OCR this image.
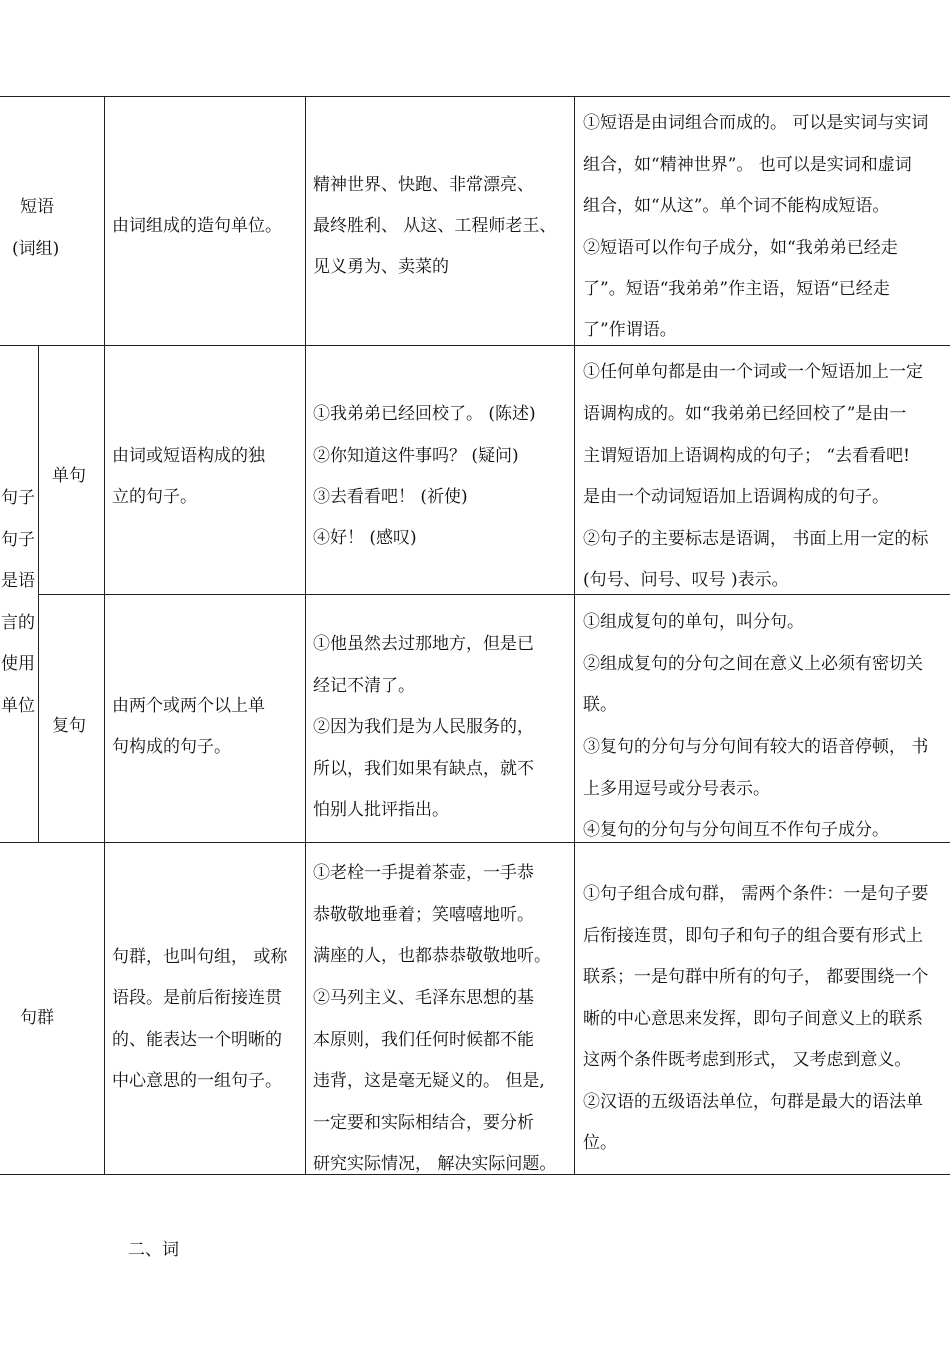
短语
(词组)
由词组成的造句单位。
精神世界、快跑、非常漂亮、
最终胜利、 从这、工程师老王、
见义勇为、卖菜的
①短语是由词组合而成的。 可以是实词与实词
组合，如“精神世界”。 也可以是实词和虚词
组合，如“从这”。单个词不能构成短语。
②短语可以作句子成分，如“我弟弟已经走
了”。短语“我弟弟”作主语，短语“已经走
了”作谓语。
句子
句子
是语
言的
使用
单位
单句
由词或短语构成的独
立的句子。
①我弟弟已经回校了。 (陈述)
②你知道这件事吗？ (疑问)
③去看看吧！ (祈使)
④好！ (感叹)
①任何单句都是由一个词或一个短语加上一定
语调构成的。如“我弟弟已经回校了”是由一
主谓短语加上语调构成的句子； “去看看吧!
是由一个动词短语加上语调构成的句子。
②句子的主要标志是语调， 书面上用一定的标
(句号、问号、叹号 )表示。
复句
由两个或两个以上单
句构成的句子。
①他虽然去过那地方，但是已
经记不清了。
②因为我们是为人民服务的，
所以，我们如果有缺点，就不
怕别人批评指出。
①组成复句的单句，叫分句。
②组成复句的分句之间在意义上必须有密切关
联。
③复句的分句与分句间有较大的语音停顿， 书
上多用逗号或分号表示。
④复句的分句与分句间互不作句子成分。
句群
句群，也叫句组， 或称
语段。是前后衔接连贯
的、能表达一个明晰的
中心意思的一组句子。
①老栓一手提着茶壶，一手恭
恭敬敬地垂着；笑嘻嘻地听。
满座的人，也都恭恭敬敬地听。
②马列主义、毛泽东思想的基
本原则，我们任何时候都不能
违背，这是毫无疑义的。 但是,
一定要和实际相结合，要分析
研究实际情况， 解决实际问题。
①句子组合成句群， 需两个条件：一是句子要
后衔接连贯，即句子和句子的组合要有形式上
联系；一是句群中所有的句子， 都要围绕一个
晰的中心意思来发挥，即句子间意义上的联系
这两个条件既考虑到形式， 又考虑到意义。
②汉语的五级语法单位，句群是最大的语法单
位。
二、词
